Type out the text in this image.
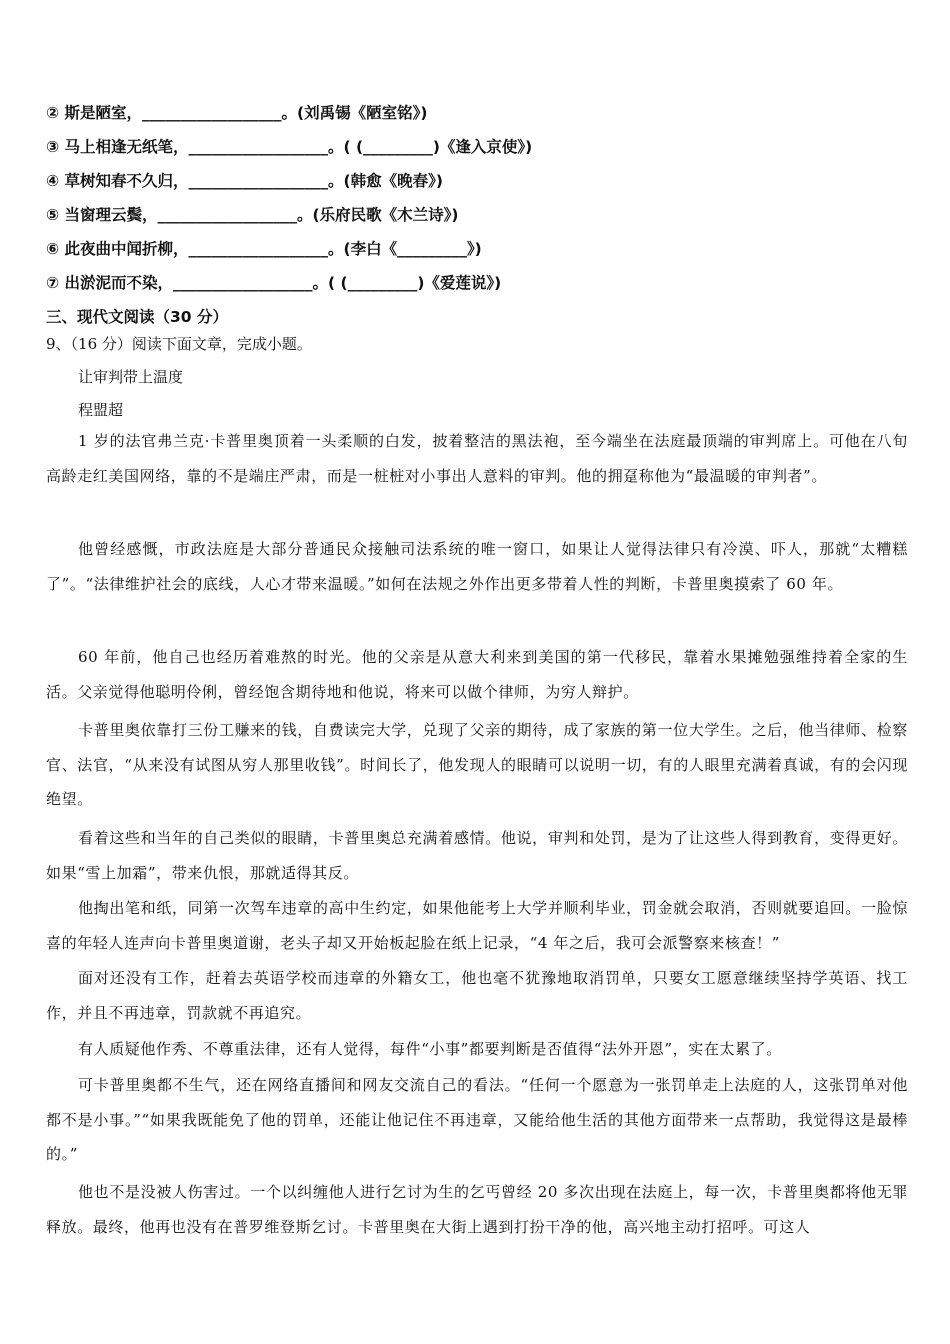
② 斯是陋室，__________________。(刘禹锡《陋室铭》)
③ 马上相逢无纸笔，__________________。( (_________)《逢入京使》)
④ 草树知春不久归，__________________。(韩愈《晚春》)
⑤ 当窗理云鬓，__________________。(乐府民歌《木兰诗》)
⑥ 此夜曲中闻折柳，__________________。(李白《_________》)
⑦ 出淤泥而不染，__________________。( (_________)《爱莲说》)
三、现代文阅读（30 分）
9、（16 分）阅读下面文章，完成小题。
让审判带上温度
程盟超

1 岁的法官弗兰克·卡普里奥顶着一头柔顺的白发，披着整洁的黑法袍，至今端坐在法庭最顶端的审判席上。可他在八旬高龄走红美国网络，靠的不是端庄严肃，而是一桩桩对小事出人意料的审判。他的拥趸称他为“最温暖的审判者”。

他曾经感慨，市政法庭是大部分普通民众接触司法系统的唯一窗口，如果让人觉得法律只有冷漠、吓人，那就“太糟糕了”。“法律维护社会的底线，人心才带来温暖。”如何在法规之外作出更多带着人性的判断，卡普里奥摸索了 60 年。

60 年前，他自己也经历着难熬的时光。他的父亲是从意大利来到美国的第一代移民，靠着水果摊勉强维持着全家的生活。父亲觉得他聪明伶俐，曾经饱含期待地和他说，将来可以做个律师，为穷人辩护。

卡普里奥依靠打三份工赚来的钱，自费读完大学，兑现了父亲的期待，成了家族的第一位大学生。之后，他当律师、检察官、法官，“从来没有试图从穷人那里收钱”。时间长了，他发现人的眼睛可以说明一切，有的人眼里充满着真诚，有的会闪现绝望。

看着这些和当年的自己类似的眼睛，卡普里奥总充满着感情。他说，审判和处罚，是为了让这些人得到教育，变得更好。如果“雪上加霜”，带来仇恨，那就适得其反。

他掏出笔和纸，同第一次驾车违章的高中生约定，如果他能考上大学并顺利毕业，罚金就会取消，否则就要追回。一脸惊喜的年轻人连声向卡普里奥道谢，老头子却又开始板起脸在纸上记录，“4 年之后，我可会派警察来核查！”

面对还没有工作，赶着去英语学校而违章的外籍女工，他也毫不犹豫地取消罚单，只要女工愿意继续坚持学英语、找工作，并且不再违章，罚款就不再追究。

有人质疑他作秀、不尊重法律，还有人觉得，每件“小事”都要判断是否值得“法外开恩”，实在太累了。

可卡普里奥都不生气，还在网络直播间和网友交流自己的看法。“任何一个愿意为一张罚单走上法庭的人，这张罚单对他都不是小事。”“如果我既能免了他的罚单，还能让他记住不再违章，又能给他生活的其他方面带来一点帮助，我觉得这是最棒的。”

他也不是没被人伤害过。一个以纠缠他人进行乞讨为生的乞丐曾经 20 多次出现在法庭上，每一次，卡普里奥都将他无罪释放。最终，他再也没有在普罗维登斯乞讨。卡普里奥在大街上遇到打扮干净的他，高兴地主动打招呼。可这人
